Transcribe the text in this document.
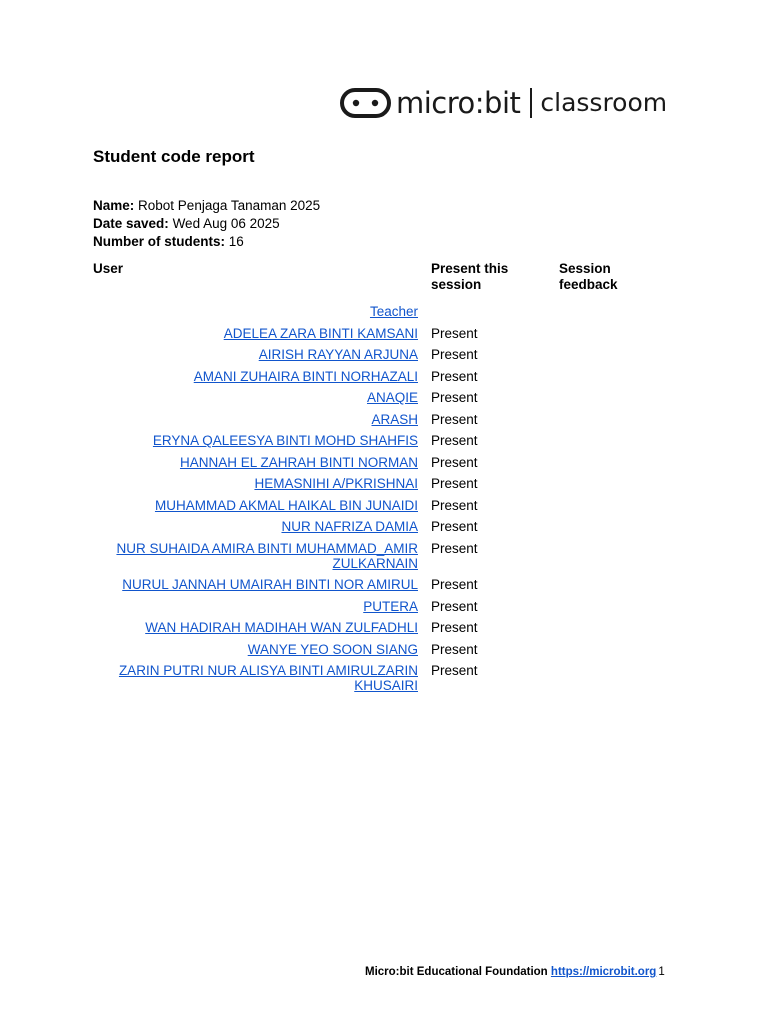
micro:bit classroom
Student code report
Name: Robot Penjaga Tanaman 2025
Date saved: Wed Aug 06 2025
Number of students: 16
User	Present this session
Session feedback
Teacher
ADELEA ZARA BINTI KAMSANI Present
AIRISH RAYYAN ARJUNA Present
AMANI ZUHAIRA BINTI NORHAZALI Present
ANAQIE Present
ARASH Present
ERYNA QALEESYA BINTI MOHD SHAHFIS Present
HANNAH EL ZAHRAH BINTI NORMAN Present
HEMASNIHI A/PKRISHNAI Present
MUHAMMAD AKMAL HAIKAL BIN JUNAIDI Present
NUR NAFRIZA DAMIA Present
NUR SUHAIDA AMIRA BINTI MUHAMMAD_AMIR ZULKARNAIN
Present
NURUL JANNAH UMAIRAH BINTI NOR AMIRUL Present
PUTERA Present
WAN HADIRAH MADIHAH WAN ZULFADHLI Present
WANYE YEO SOON SIANG Present
ZARIN PUTRI NUR ALISYA BINTI AMIRULZARIN KHUSAIRI
Present
Micro:bit Educational Foundation https://microbit.org 1
